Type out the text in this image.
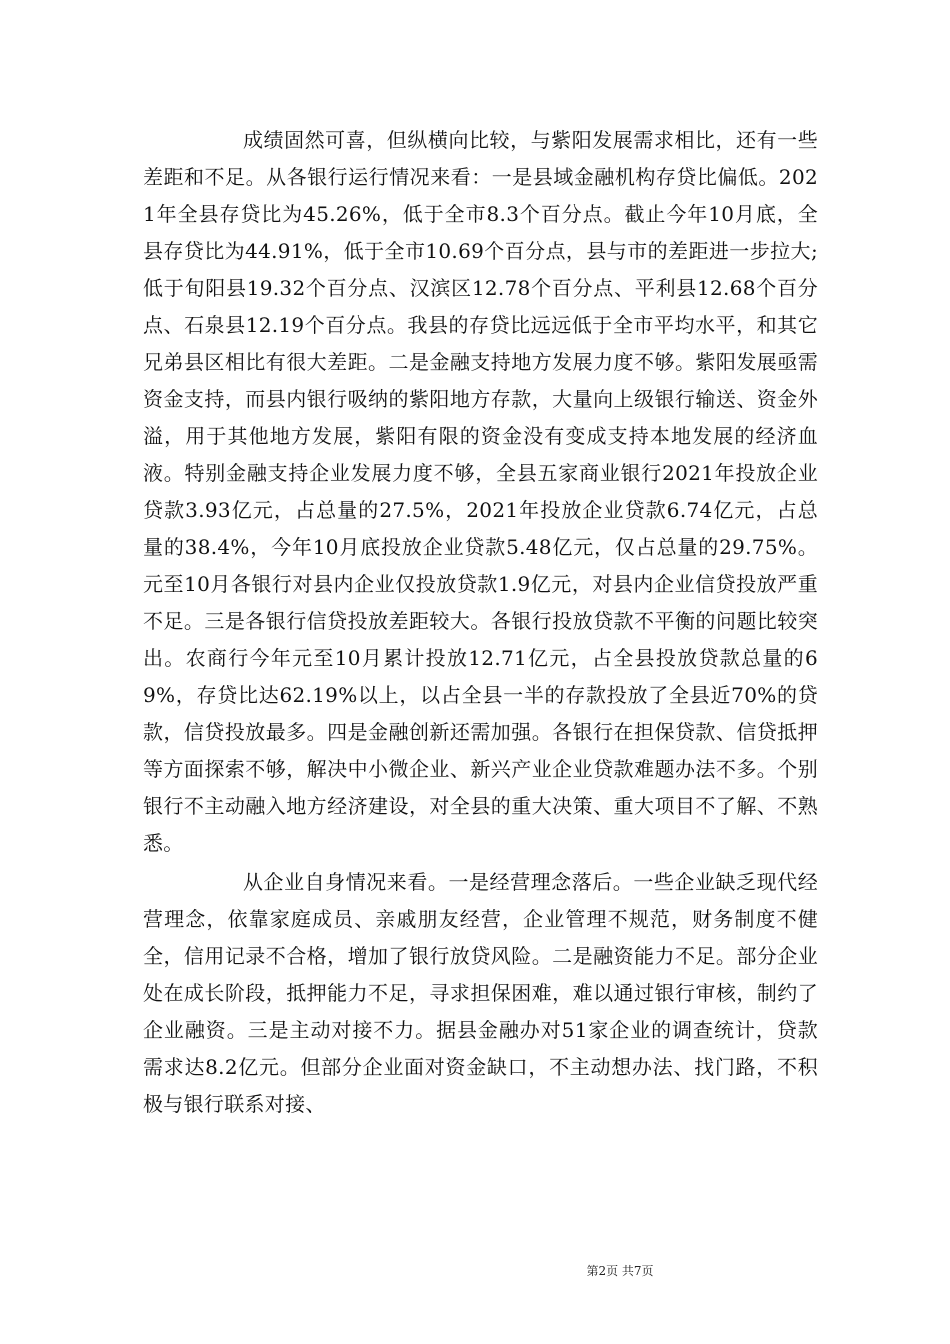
成绩固然可喜，但纵横向比较，与紫阳发展需求相比，还有一些差距和不足。从各银行运行情况来看：一是县域金融机构存贷比偏低。2021年全县存贷比为45.26%，低于全市8.3个百分点。截止今年10月底，全县存贷比为44.91%，低于全市10.69个百分点，县与市的差距进一步拉大;低于旬阳县19.32个百分点、汉滨区12.78个百分点、平利县12.68个百分点、石泉县12.19个百分点。我县的存贷比远远低于全市平均水平，和其它兄弟县区相比有很大差距。二是金融支持地方发展力度不够。紫阳发展亟需资金支持，而县内银行吸纳的紫阳地方存款，大量向上级银行输送、资金外溢，用于其他地方发展，紫阳有限的资金没有变成支持本地发展的经济血液。特别金融支持企业发展力度不够，全县五家商业银行2021年投放企业贷款3.93亿元，占总量的27.5%，2021年投放企业贷款6.74亿元，占总量的38.4%，今年10月底投放企业贷款5.48亿元，仅占总量的29.75%。元至10月各银行对县内企业仅投放贷款1.9亿元，对县内企业信贷投放严重不足。三是各银行信贷投放差距较大。各银行投放贷款不平衡的问题比较突出。农商行今年元至10月累计投放12.71亿元，占全县投放贷款总量的69%，存贷比达62.19%以上，以占全县一半的存款投放了全县近70%的贷款，信贷投放最多。四是金融创新还需加强。各银行在担保贷款、信贷抵押等方面探索不够，解决中小微企业、新兴产业企业贷款难题办法不多。个别银行不主动融入地方经济建设，对全县的重大决策、重大项目不了解、不熟悉。

从企业自身情况来看。一是经营理念落后。一些企业缺乏现代经营理念，依靠家庭成员、亲戚朋友经营，企业管理不规范，财务制度不健全，信用记录不合格，增加了银行放贷风险。二是融资能力不足。部分企业处在成长阶段，抵押能力不足，寻求担保困难，难以通过银行审核，制约了企业融资。三是主动对接不力。据县金融办对51家企业的调查统计，贷款需求达8.2亿元。但部分企业面对资金缺口，不主动想办法、找门路，不积极与银行联系对接、

第2页 共7页
